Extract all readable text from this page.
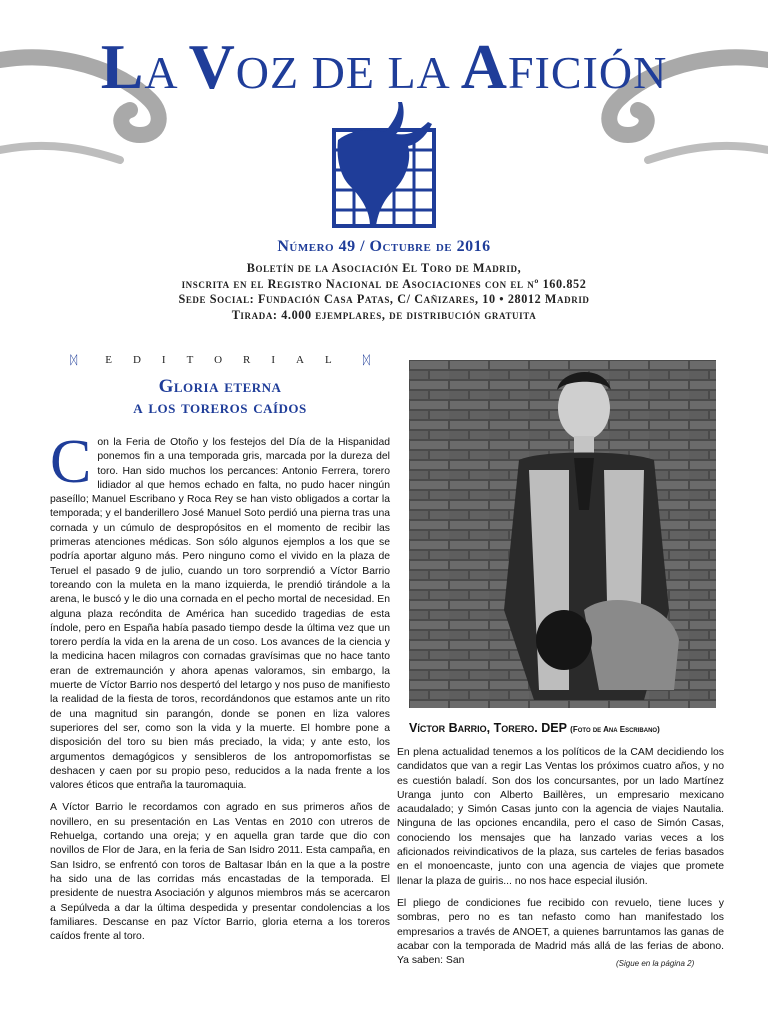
LA VOZ DE LA AFICIÓN
Número 49 / Octubre de 2016
Boletín de la Asociación El Toro de Madrid,
inscrita en el Registro Nacional de Asociaciones con el nº 160.852
Sede Social: Fundación Casa Patas, C/ Cañizares, 10 • 28012 Madrid
Tirada: 4.000 ejemplares, de distribución gratuita
ᛞ	EDITORIAL ᛞ
Gloria eterna
a los toreros caídos

Con la Feria de Otoño y los festejos del Día de la Hispanidad ponemos fin a una temporada gris, marcada por la dureza del toro. Han sido muchos los percances: Antonio Ferrera, torero lidiador al que hemos echado en falta, no pudo hacer ningún paseíllo; Manuel Escribano y Roca Rey se han visto obligados a cortar la temporada; y el banderillero José Manuel Soto perdió una pierna tras una cornada y un cúmulo de despropósitos en el momento de recibir las primeras atenciones médicas. Son sólo algunos ejemplos a los que se podría aportar alguno más. Pero ninguno como el vivido en la plaza de Teruel el pasado 9 de julio, cuando un toro sorprendió a Víctor Barrio toreando con la muleta en la mano izquierda, le prendió tirándole a la arena, le buscó y le dio una cornada en el pecho mortal de necesidad. En alguna plaza recóndita de América han sucedido tragedias de esta índole, pero en España había pasado tiempo desde la última vez que un torero perdía la vida en la arena de un coso. Los avances de la ciencia y la medicina hacen milagros con cornadas gravísimas que no hace tanto eran de extremaunción y ahora apenas valoramos, sin embargo, la muerte de Víctor Barrio nos despertó del letargo y nos puso de manifiesto la realidad de la fiesta de toros, recordándonos que estamos ante un rito de una magnitud sin parangón, donde se ponen en liza valores superiores del ser, como son la vida y la muerte. El hombre pone a disposición del toro su bien más preciado, la vida; y ante esto, los argumentos demagógicos y sensibleros de los antropomorfistas se deshacen y caen por su propio peso, reducidos a la nada frente a los valores éticos que entraña la tauromaquia.

A Víctor Barrio le recordamos con agrado en sus primeros años de novillero, en su presentación en Las Ventas en 2010 con utreros de Rehuelga, cortando una oreja; y en aquella gran tarde que dio con novillos de Flor de Jara, en la feria de San Isidro 2011. Esta campaña, en San Isidro, se enfrentó con toros de Baltasar Ibán en la que a la postre ha sido una de las corridas más encastadas de la temporada. El presidente de nuestra Asociación y algunos miembros más se acercaron a Sepúlveda a dar la última despedida y presentar condolencias a los familiares. Descanse en paz Víctor Barrio, gloria eterna a los toreros caídos frente al toro.

Víctor Barrio, Torero. DEP (Foto de Ana Escribano)

En plena actualidad tenemos a los políticos de la CAM decidiendo los candidatos que van a regir Las Ventas los próximos cuatro años, y no es cuestión baladí. Son dos los concursantes, por un lado Martínez Uranga junto con Alberto Baillères, un empresario mexicano acaudalado; y Simón Casas junto con la agencia de viajes Nautalia. Ninguna de las opciones encandila, pero el caso de Simón Casas, conociendo los mensajes que ha lanzado varias veces a los aficionados reivindicativos de la plaza, sus carteles de ferias basados en el monoencaste, junto con una agencia de viajes que promete llenar la plaza de guiris... no nos hace especial ilusión.

El pliego de condiciones fue recibido con revuelo, tiene luces y sombras, pero no es tan nefasto como han manifestado los empresarios a través de ANOET, a quienes barruntamos las ganas de acabar con la temporada de Madrid más allá de las ferias de abono. Ya saben: San	(Sigue en la página 2)
